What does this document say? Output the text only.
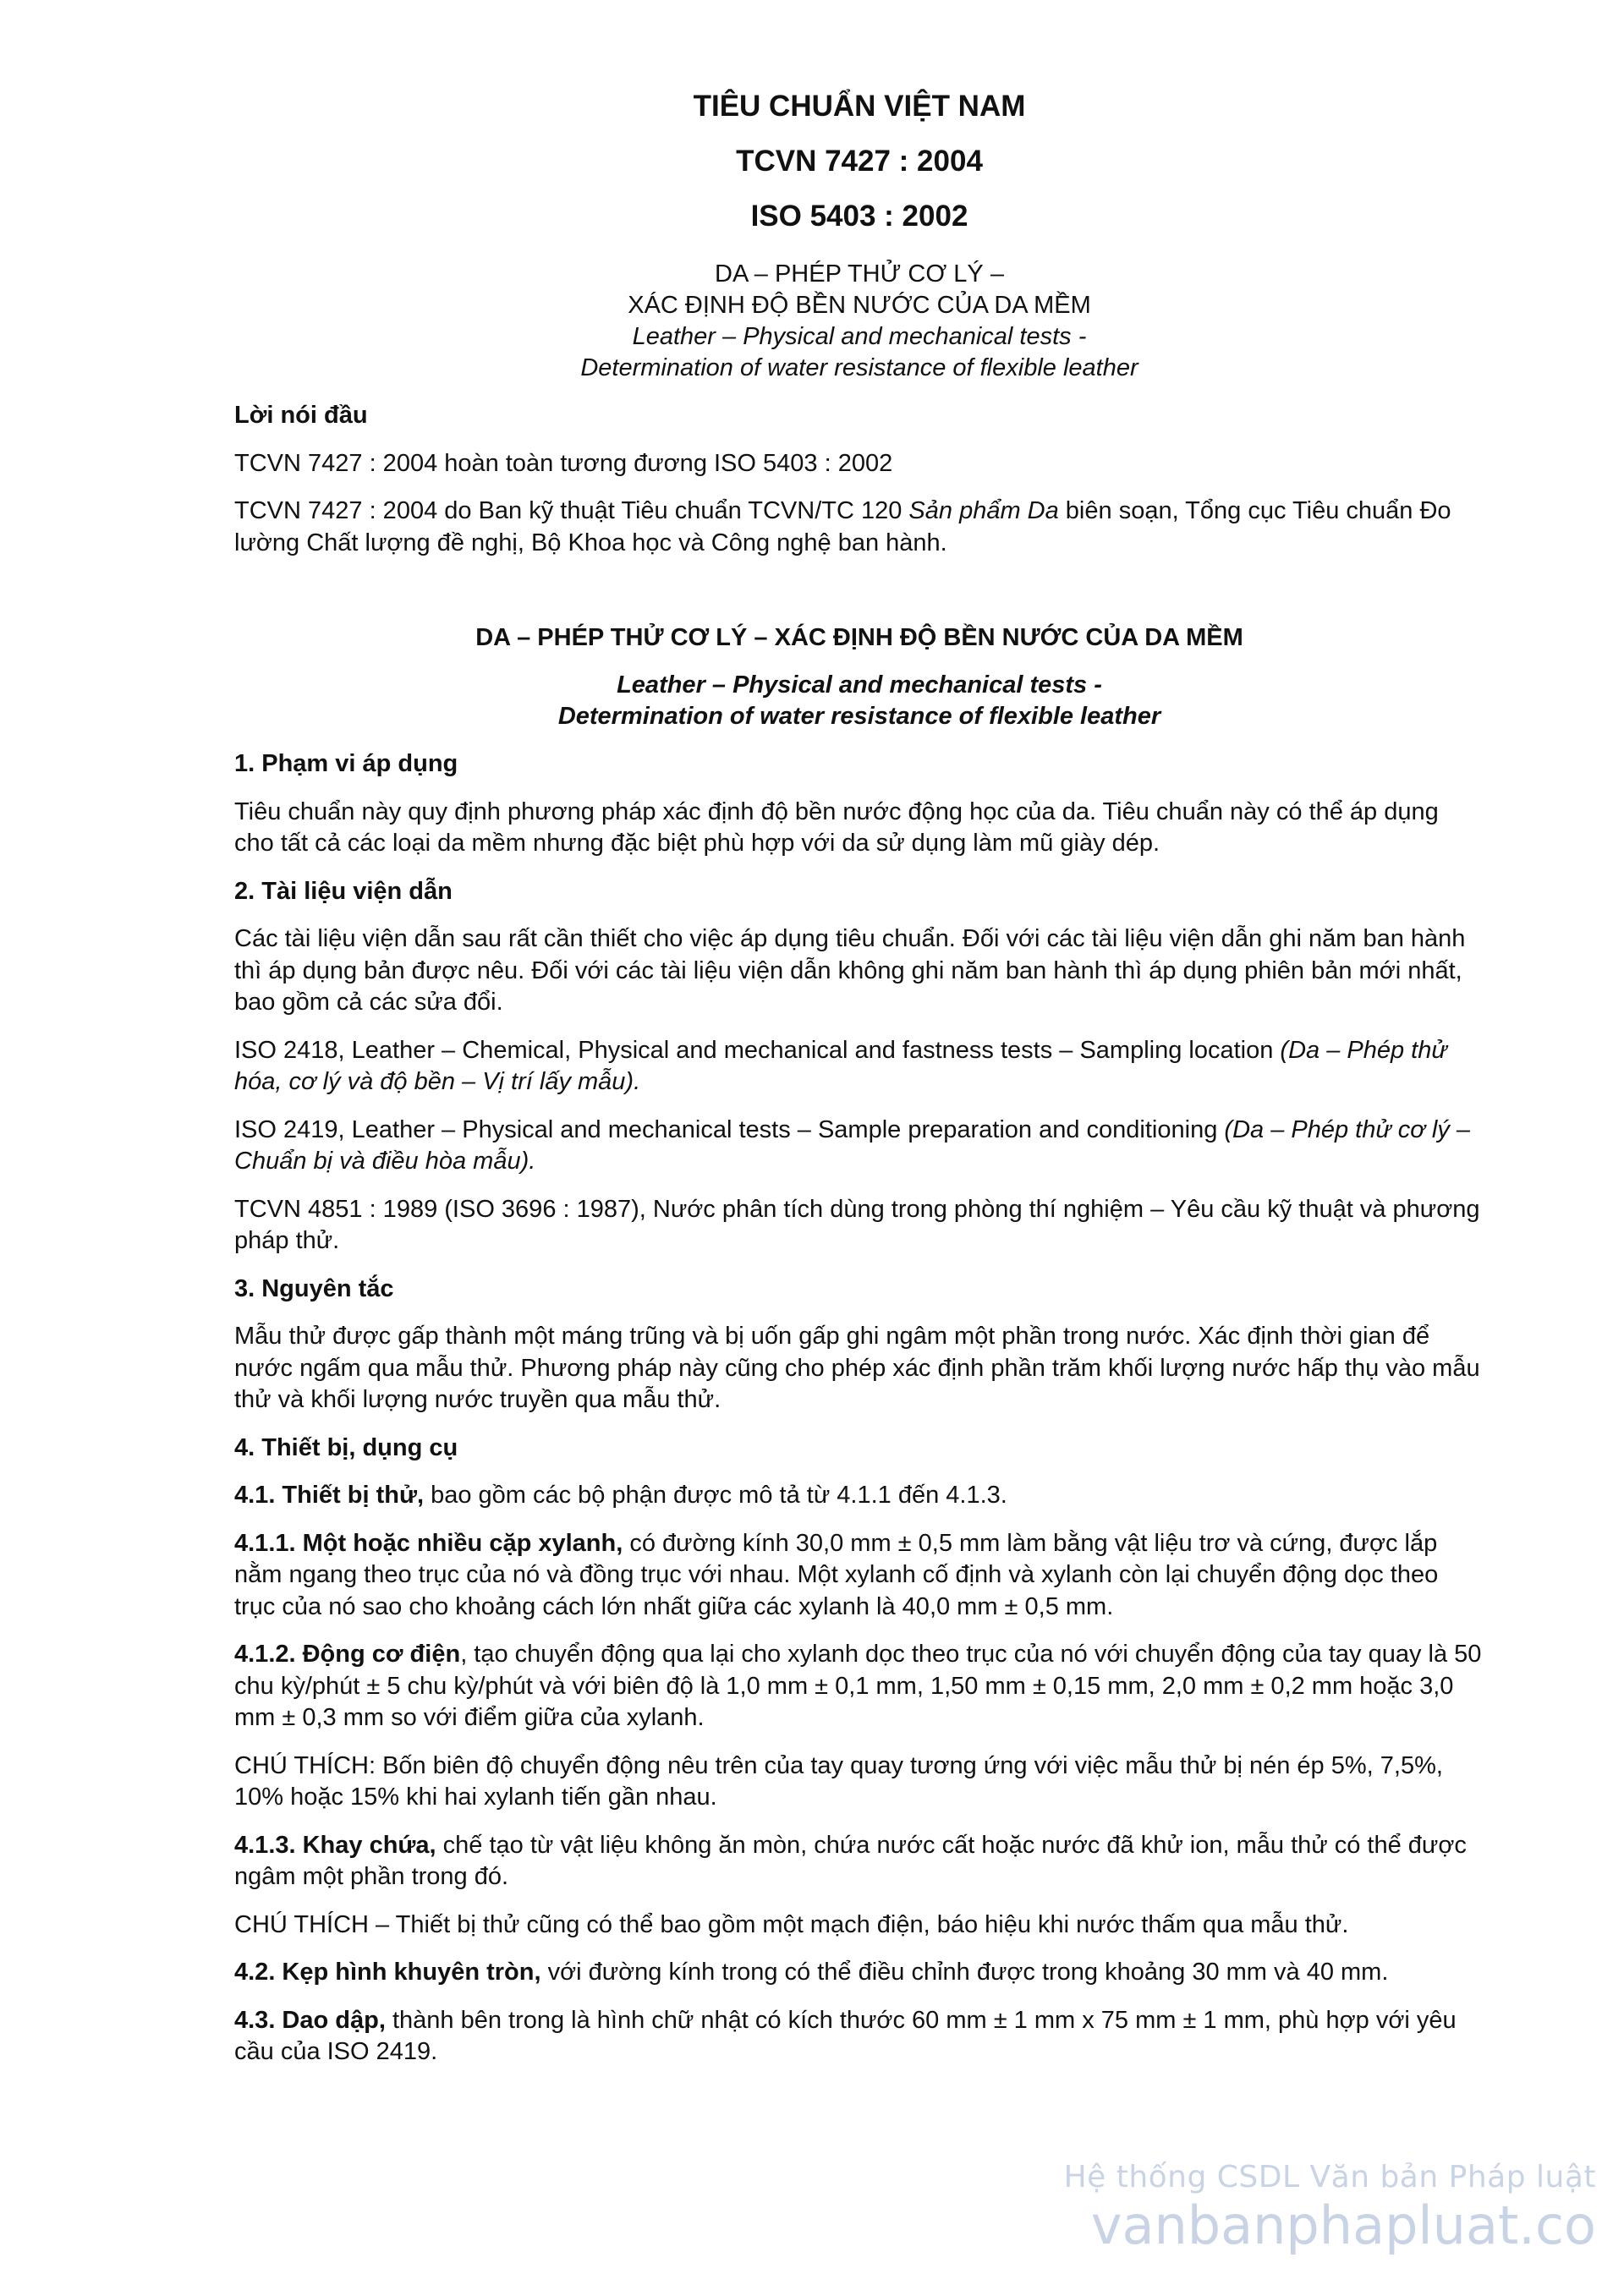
TIÊU CHUẨN VIỆT NAM
TCVN 7427 : 2004
ISO 5403 : 2002
DA – PHÉP THỬ CƠ LÝ –
XÁC ĐỊNH ĐỘ BỀN NƯỚC CỦA DA MỀM
Leather – Physical and mechanical tests -
Determination of water resistance of flexible leather
Lời nói đầu

TCVN 7427 : 2004 hoàn toàn tương đương ISO 5403 : 2002

TCVN 7427 : 2004 do Ban kỹ thuật Tiêu chuẩn TCVN/TC 120 Sản phẩm Da biên soạn, Tổng cục Tiêu chuẩn Đo lường Chất lượng đề nghị, Bộ Khoa học và Công nghệ ban hành.

DA – PHÉP THỬ CƠ LÝ – XÁC ĐỊNH ĐỘ BỀN NƯỚC CỦA DA MỀM
Leather – Physical and mechanical tests -
Determination of water resistance of flexible leather
1. Phạm vi áp dụng

Tiêu chuẩn này quy định phương pháp xác định độ bền nước động học của da. Tiêu chuẩn này có thể áp dụng cho tất cả các loại da mềm nhưng đặc biệt phù hợp với da sử dụng làm mũ giày dép.

2. Tài liệu viện dẫn

Các tài liệu viện dẫn sau rất cần thiết cho việc áp dụng tiêu chuẩn. Đối với các tài liệu viện dẫn ghi năm ban hành thì áp dụng bản được nêu. Đối với các tài liệu viện dẫn không ghi năm ban hành thì áp dụng phiên bản mới nhất, bao gồm cả các sửa đổi.

ISO 2418, Leather – Chemical, Physical and mechanical and fastness tests – Sampling location (Da – Phép thử hóa, cơ lý và độ bền – Vị trí lấy mẫu).

ISO 2419, Leather – Physical and mechanical tests – Sample preparation and conditioning (Da – Phép thử cơ lý – Chuẩn bị và điều hòa mẫu).

TCVN 4851 : 1989 (ISO 3696 : 1987), Nước phân tích dùng trong phòng thí nghiệm – Yêu cầu kỹ thuật và phương pháp thử.

3. Nguyên tắc

Mẫu thử được gấp thành một máng trũng và bị uốn gấp ghi ngâm một phần trong nước. Xác định thời gian để nước ngấm qua mẫu thử. Phương pháp này cũng cho phép xác định phần trăm khối lượng nước hấp thụ vào mẫu thử và khối lượng nước truyền qua mẫu thử.

4. Thiết bị, dụng cụ

4.1. Thiết bị thử, bao gồm các bộ phận được mô tả từ 4.1.1 đến 4.1.3.

4.1.1. Một hoặc nhiều cặp xylanh, có đường kính 30,0 mm ± 0,5 mm làm bằng vật liệu trơ và cứng, được lắp nằm ngang theo trục của nó và đồng trục với nhau. Một xylanh cố định và xylanh còn lại chuyển động dọc theo trục của nó sao cho khoảng cách lớn nhất giữa các xylanh là 40,0 mm ± 0,5 mm.

4.1.2. Động cơ điện, tạo chuyển động qua lại cho xylanh dọc theo trục của nó với chuyển động của tay quay là 50 chu kỳ/phút ± 5 chu kỳ/phút và với biên độ là 1,0 mm ± 0,1 mm, 1,50 mm ± 0,15 mm, 2,0 mm ± 0,2 mm hoặc 3,0 mm ± 0,3 mm so với điểm giữa của xylanh.

CHÚ THÍCH: Bốn biên độ chuyển động nêu trên của tay quay tương ứng với việc mẫu thử bị nén ép 5%, 7,5%, 10% hoặc 15% khi hai xylanh tiến gần nhau.

4.1.3. Khay chứa, chế tạo từ vật liệu không ăn mòn, chứa nước cất hoặc nước đã khử ion, mẫu thử có thể được ngâm một phần trong đó.

CHÚ THÍCH – Thiết bị thử cũng có thể bao gồm một mạch điện, báo hiệu khi nước thấm qua mẫu thử.

4.2. Kẹp hình khuyên tròn, với đường kính trong có thể điều chỉnh được trong khoảng 30 mm và 40 mm.

4.3. Dao dập, thành bên trong là hình chữ nhật có kích thước 60 mm ± 1 mm x 75 mm ± 1 mm, phù hợp với yêu cầu của ISO 2419.

Hệ thống CSDL Văn bản Pháp luật
vanbanphapluat.co
